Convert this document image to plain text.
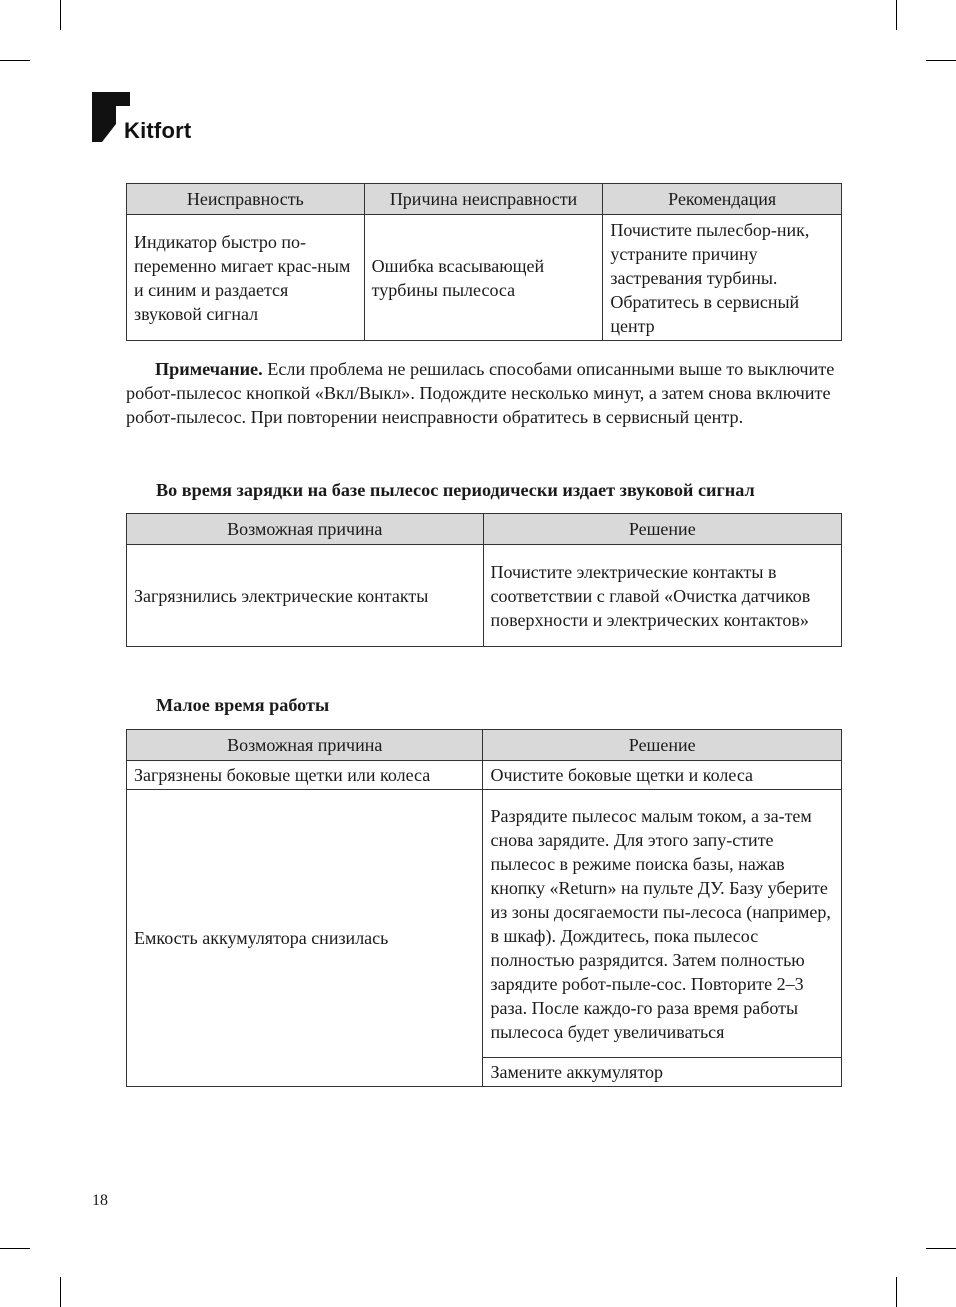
Kitfort
Неисправность	Причина неисправности	Рекомендация
Индикатор быстро по-переменно мигает крас-ным и синим и раздается звуковой сигнал	Ошибка всасывающей турбины пылесоса	Почистите пылесбор-ник, устраните причину застревания турбины. Обратитесь в сервисный центр

Примечание. Если проблема не решилась способами описанными выше то выключите робот-пылесос кнопкой «Вкл/Выкл». Подождите несколько минут, а затем снова включите робот-пылесос. При повторении неисправности обратитесь в сервисный центр.

Во время зарядки на базе пылесос периодически издает звуковой сигнал

Возможная причина	Решение
Загрязнились электрические контакты	Почистите электрические контакты в соответствии с главой «Очистка датчиков поверхности и электрических контактов»

Малое время работы

Возможная причина	Решение
Загрязнены боковые щетки или колеса	Очистите боковые щетки и колеса
Емкость аккумулятора снизилась	Разрядите пылесос малым током, а за-тем снова зарядите. Для этого запу-стите пылесос в режиме поиска базы, нажав кнопку «Return» на пульте ДУ. Базу уберите из зоны досягаемости пы-лесоса (например, в шкаф). Дождитесь, пока пылесос полностью разрядится. Затем полностью зарядите робот-пыле-сос. Повторите 2–3 раза. После каждо-го раза время работы пылесоса будет увеличиваться
	Замените аккумулятор
18
